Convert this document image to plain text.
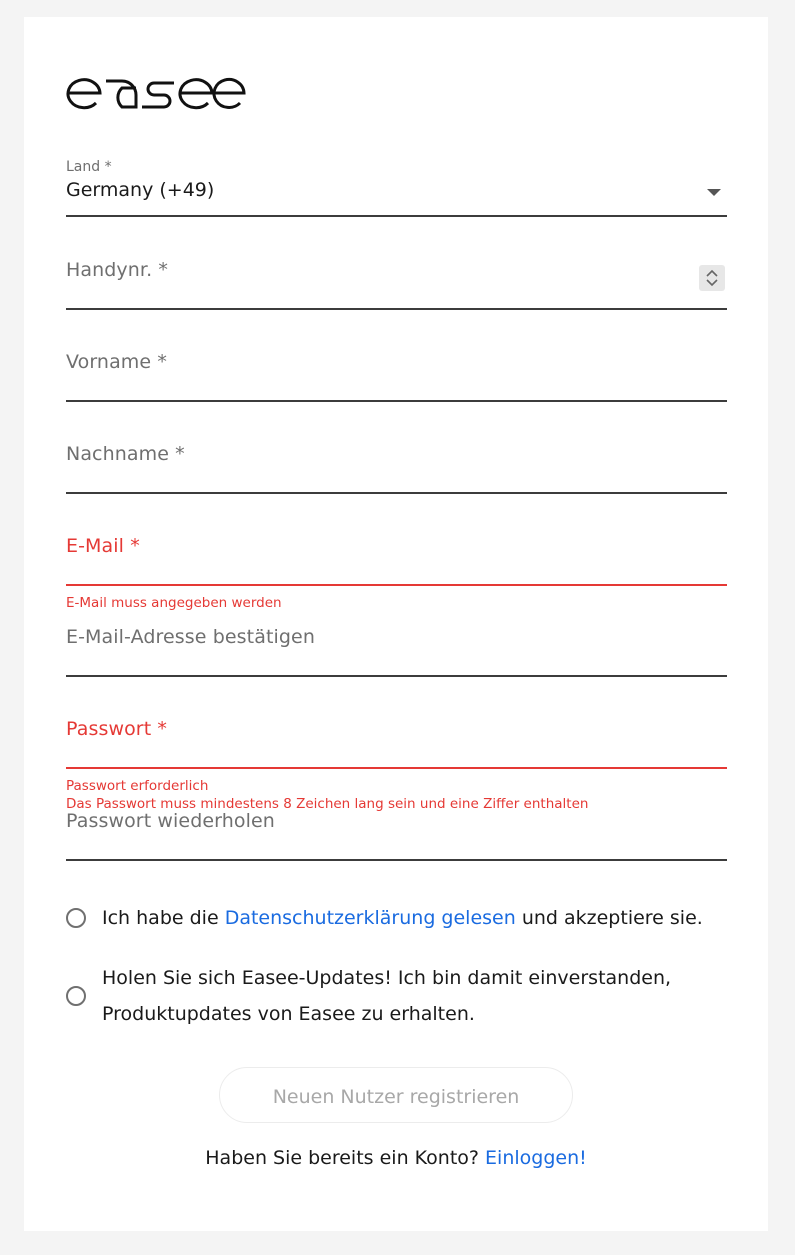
Land *
Germany (+49)
Handynr. *
Vorname *
Nachname *
E-Mail *
E-Mail muss angegeben werden
E-Mail-Adresse bestätigen
Passwort *
Passwort erforderlich
Das Passwort muss mindestens 8 Zeichen lang sein und eine Ziffer enthalten
Passwort wiederholen
Ich habe die Datenschutzerklärung gelesen und akzeptiere sie.
Holen Sie sich Easee-Updates! Ich bin damit einverstanden,
Produktupdates von Easee zu erhalten.
Neuen Nutzer registrieren
Haben Sie bereits ein Konto? Einloggen!
